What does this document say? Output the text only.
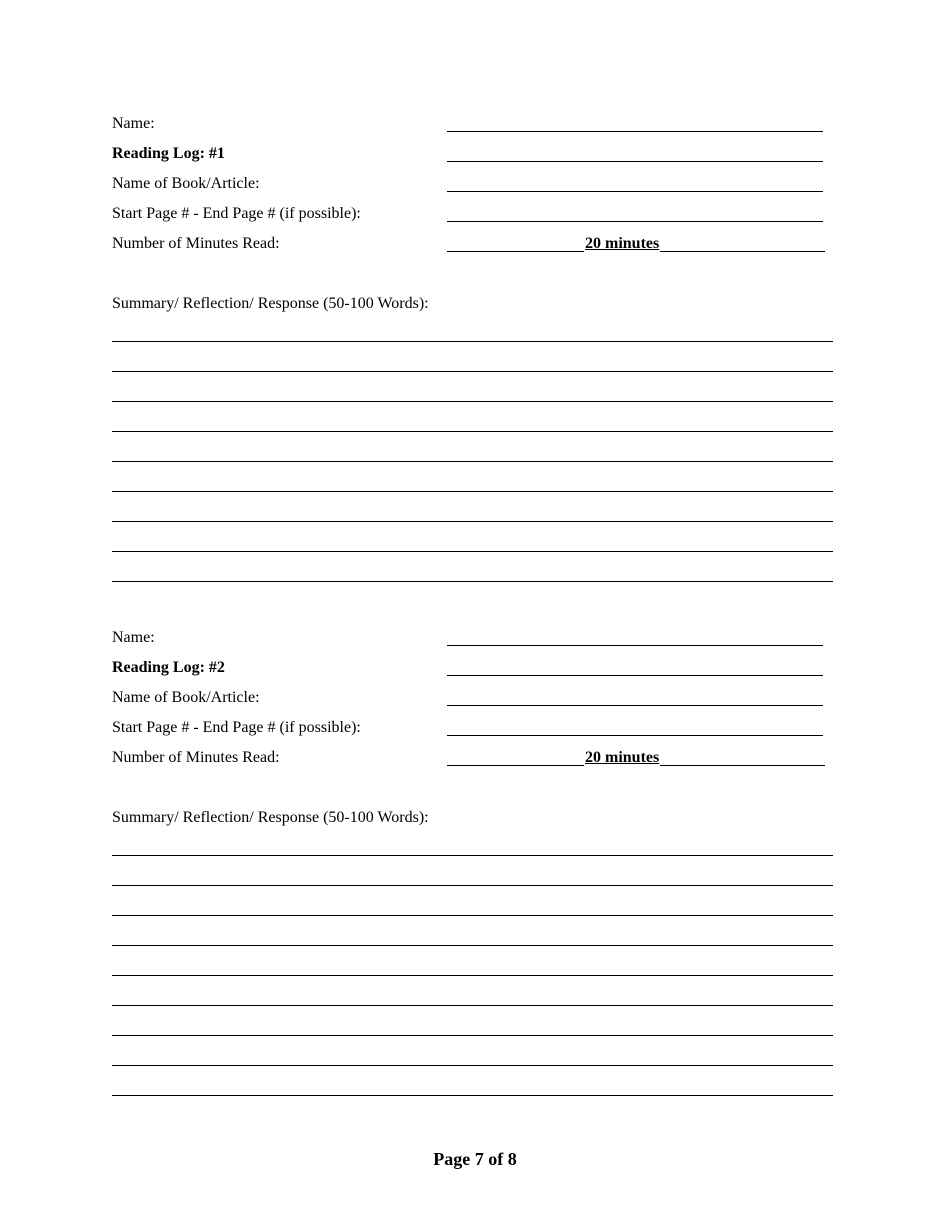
Name:
Reading Log: #1
Name of Book/Article:
Start Page # - End Page # (if possible):
Number of Minutes Read:	20 minutes
Summary/ Reflection/ Response (50-100 Words):
Name:
Reading Log: #2
Name of Book/Article:
Start Page # - End Page # (if possible):
Number of Minutes Read:	20 minutes
Summary/ Reflection/ Response (50-100 Words):
Page 7 of 8
